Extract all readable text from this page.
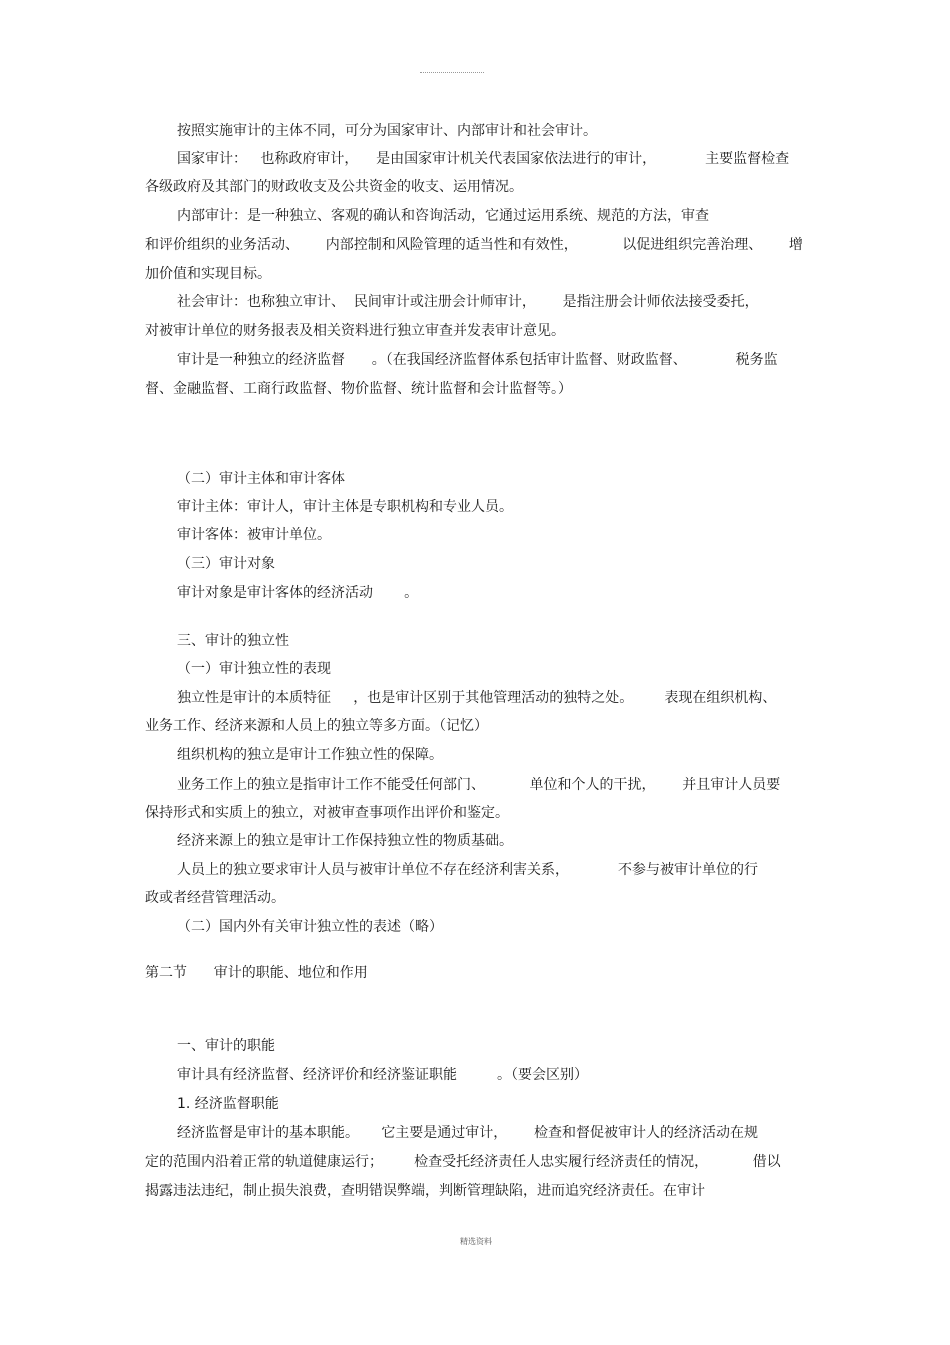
按照实施审计的主体不同，可分为国家审计、内部审计和社会审计。
国家审计：   也称政府审计，    是由国家审计机关代表国家依法进行的审计，           主要监督检查
各级政府及其部门的财政收支及公共资金的收支、运用情况。
内部审计：是一种独立、客观的确认和咨询活动，它通过运用系统、规范的方法，审查
和评价组织的业务活动、      内部控制和风险管理的适当性和有效性，          以促进组织完善治理、      增
加价值和实现目标。
社会审计：也称独立审计、  民间审计或注册会计师审计，      是指注册会计师依法接受委托，
对被审计单位的财务报表及相关资料进行独立审查并发表审计意见。
审计是一种独立的经济监督      。（在我国经济监督体系包括审计监督、财政监督、           税务监
督、金融监督、工商行政监督、物价监督、统计监督和会计监督等。）
（二）审计主体和审计客体
审计主体：审计人，审计主体是专职机构和专业人员。
审计客体：被审计单位。
（三）审计对象
审计对象是审计客体的经济活动       。
三、审计的独立性
（一）审计独立性的表现
独立性是审计的本质特征     ，也是审计区别于其他管理活动的独特之处。       表现在组织机构、
业务工作、经济来源和人员上的独立等多方面。（记忆）
组织机构的独立是审计工作独立性的保障。
业务工作上的独立是指审计工作不能受任何部门、          单位和个人的干扰，      并且审计人员要
保持形式和实质上的独立，对被审查事项作出评价和鉴定。
经济来源上的独立是审计工作保持独立性的物质基础。
人员上的独立要求审计人员与被审计单位不存在经济利害关系，           不参与被审计单位的行
政或者经营管理活动。
（二）国内外有关审计独立性的表述（略）
第二节      审计的职能、地位和作用
一、审计的职能
审计具有经济监督、经济评价和经济鉴证职能         。（要会区别）
1. 经济监督职能
经济监督是审计的基本职能。     它主要是通过审计，      检查和督促被审计人的经济活动在规
定的范围内沿着正常的轨道健康运行；       检查受托经济责任人忠实履行经济责任的情况，          借以
揭露违法违纪，制止损失浪费，查明错误弊端，判断管理缺陷，进而追究经济责任。在审计
精选资料
